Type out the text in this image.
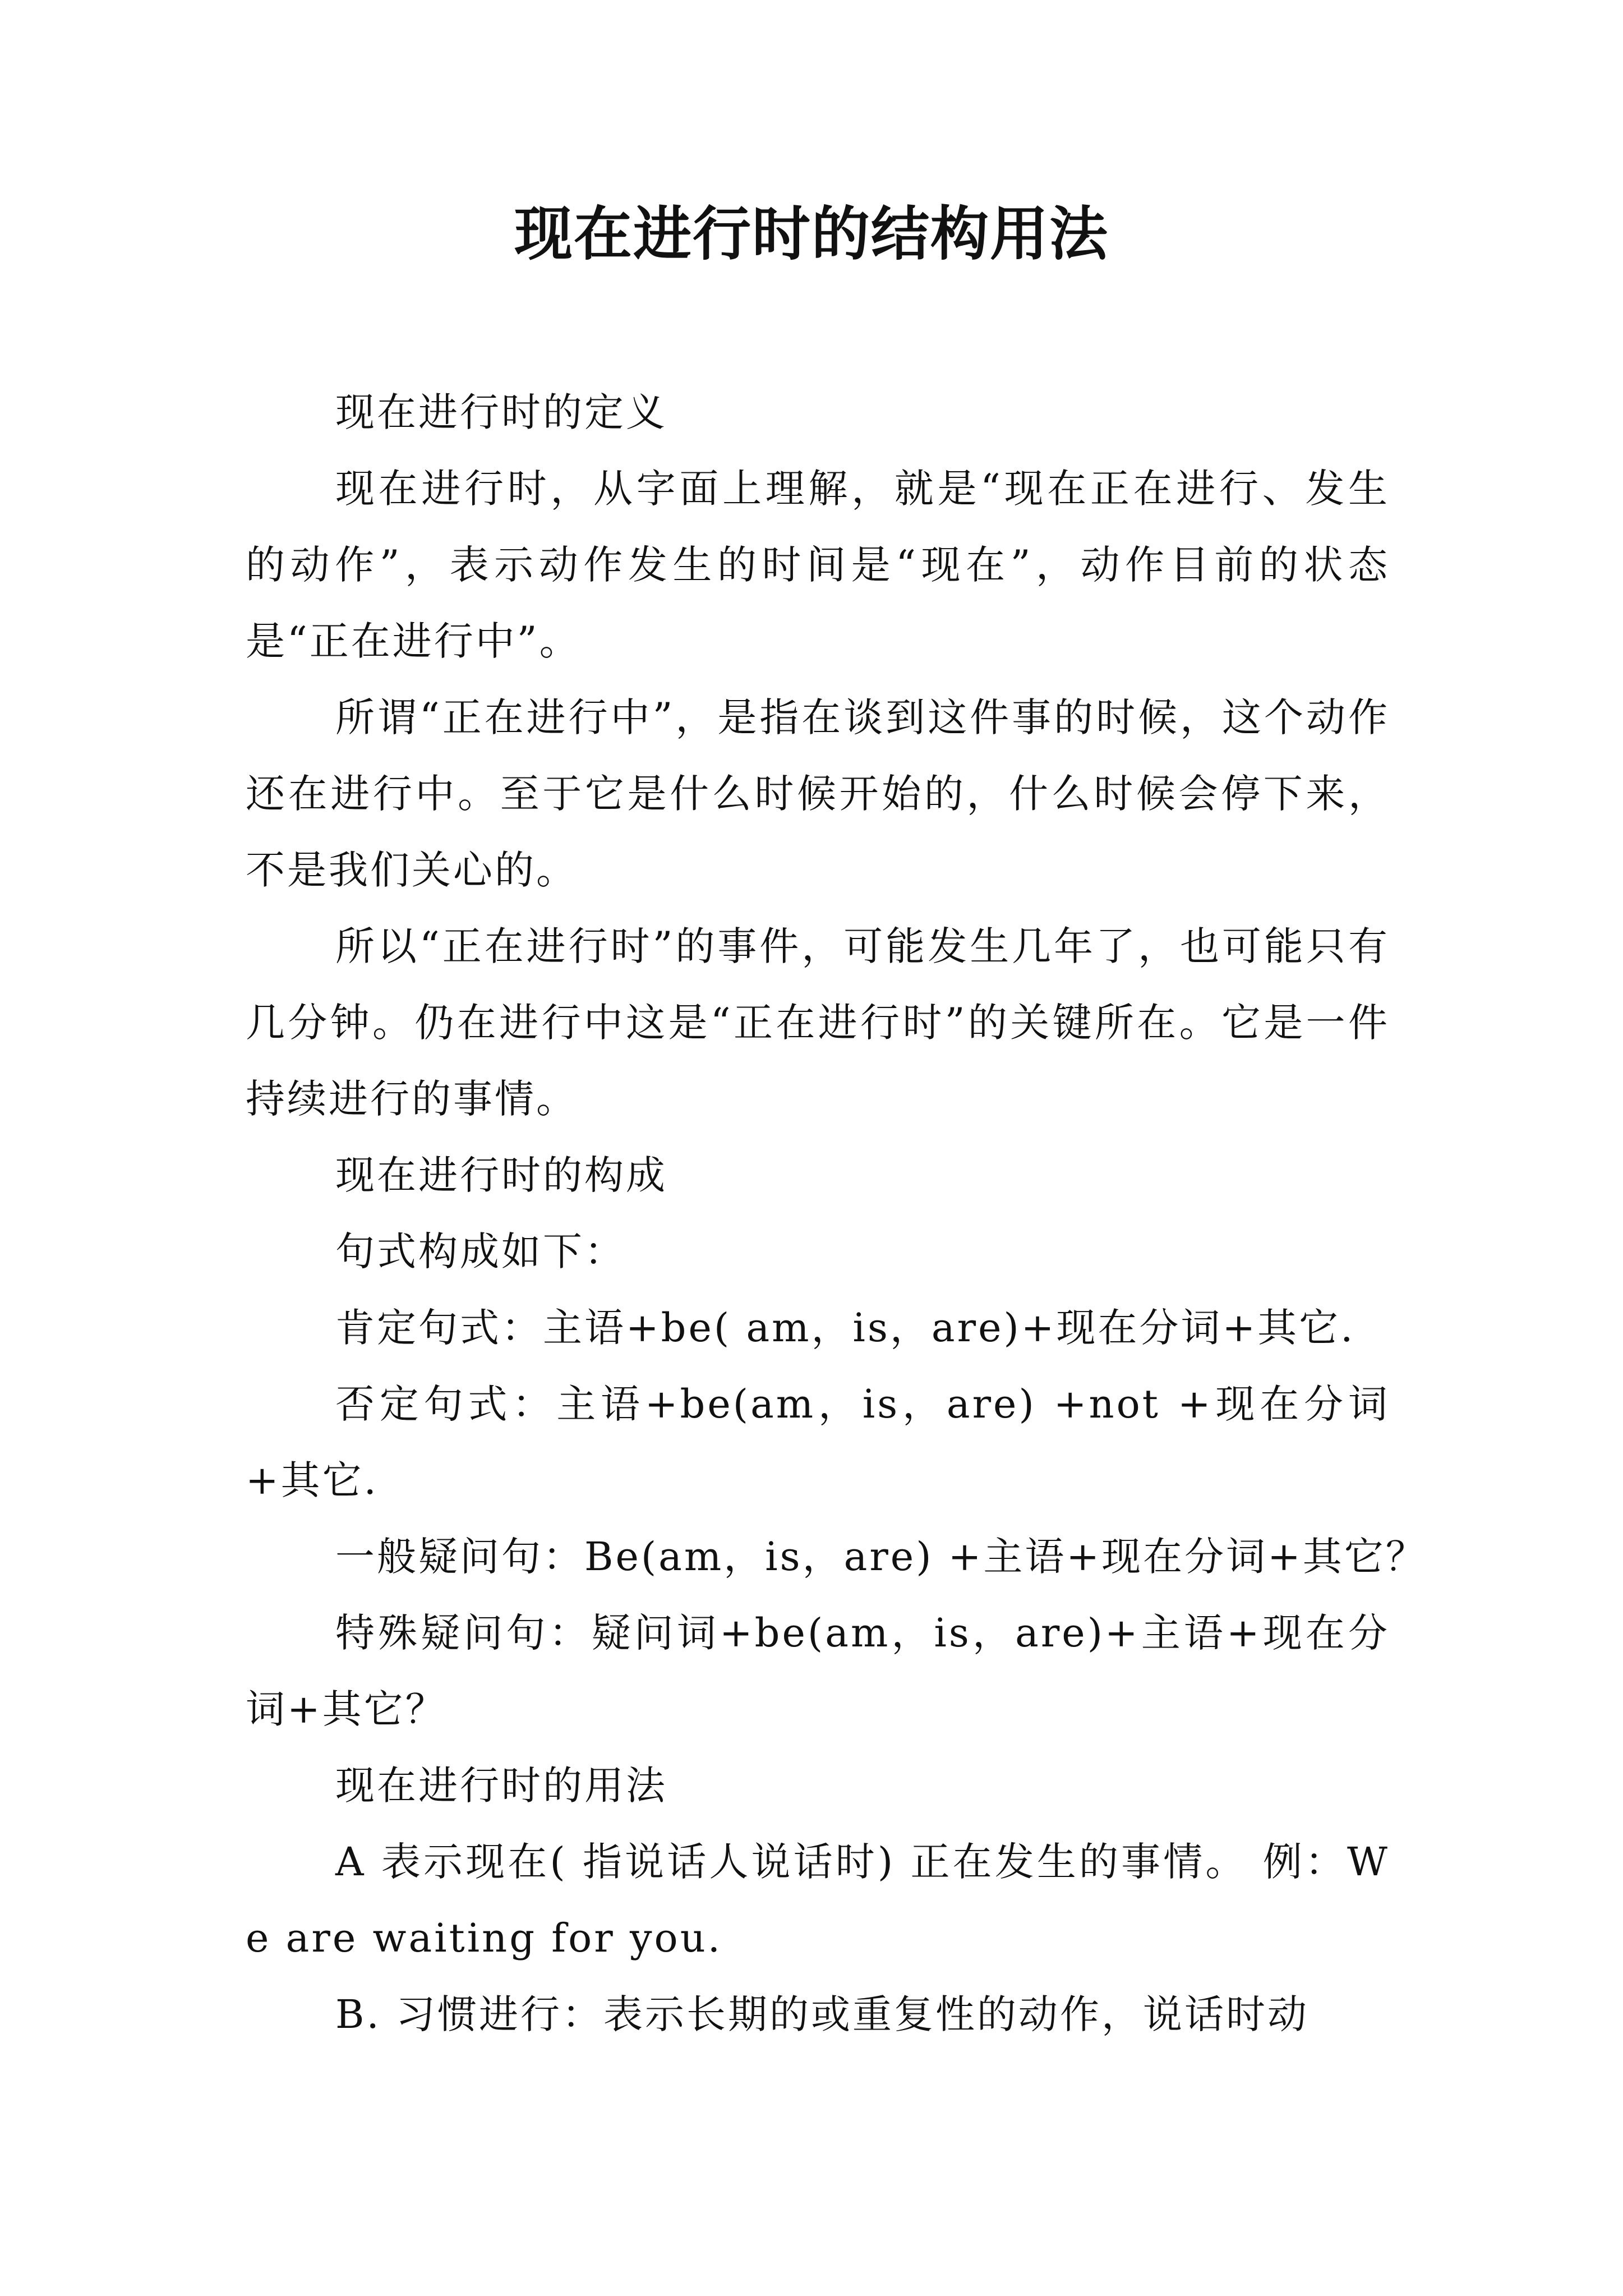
现在进行时的结构用法

现在进行时的定义

现在进行时，从字面上理解，就是“现在正在进行、发生的动作”，表示动作发生的时间是“现在”，动作目前的状态是“正在进行中”。

所谓“正在进行中”，是指在谈到这件事的时候，这个动作还在进行中。至于它是什么时候开始的，什么时候会停下来，不是我们关心的。

所以“正在进行时”的事件，可能发生几年了，也可能只有几分钟。仍在进行中这是“正在进行时”的关键所在。它是一件持续进行的事情。

现在进行时的构成

句式构成如下：

肯定句式：主语+be( am，is，are)+现在分词+其它.

否定句式：主语+be(am，is，are) +not +现在分词+其它.

一般疑问句：Be(am，is，are) +主语+现在分词+其它？

特殊疑问句：疑问词+be(am，is，are)+主语+现在分词+其它？

现在进行时的用法

A 表示现在( 指说话人说话时) 正在发生的事情。 例：We are waiting for you.

B. 习惯进行：表示长期的或重复性的动作，说话时动
